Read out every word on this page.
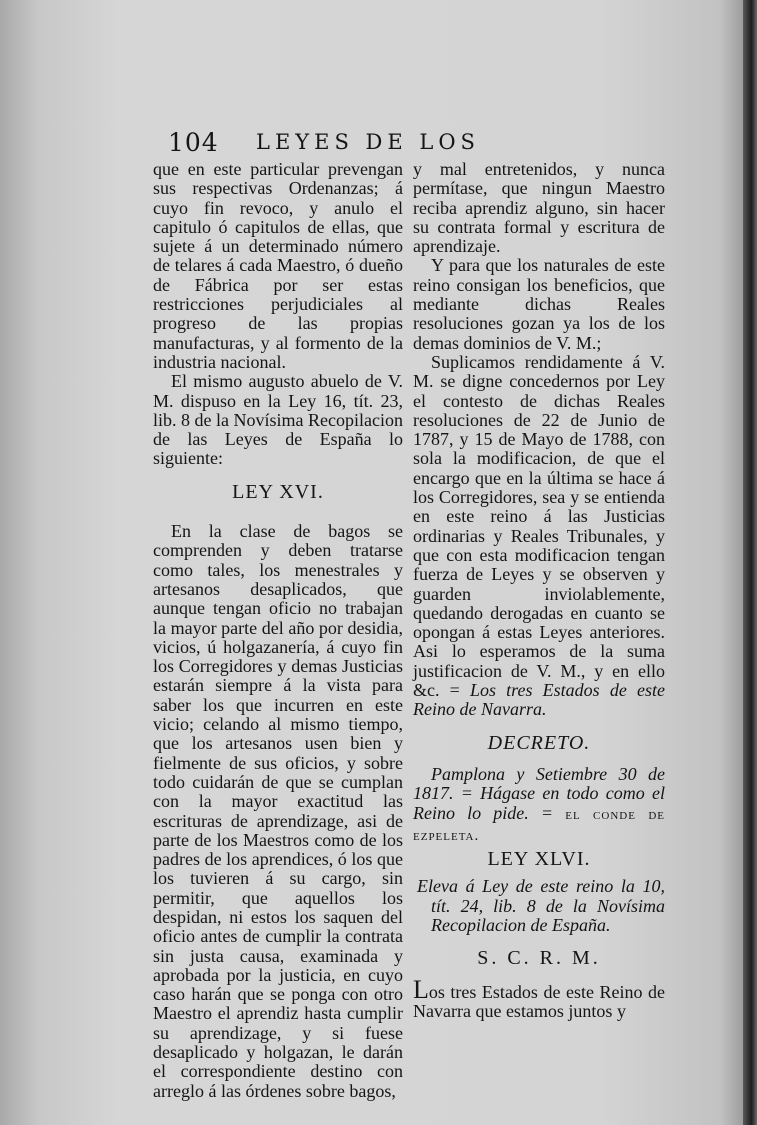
104 LEYES DE LOS

que en este particular prevengan sus respectivas Ordenanzas; á cuyo fin revoco, y anulo el capitulo ó capitulos de ellas, que sujete á un determinado número de telares á cada Maestro, ó dueño de Fábrica por ser estas restricciones perjudiciales al progreso de las propias manufacturas, y al formento de la industria nacional.

El mismo augusto abuelo de V. M. dispuso en la Ley 16, tít. 23, lib. 8 de la Novísima Recopilacion de las Leyes de España lo siguiente:

LEY XVI.

En la clase de bagos se comprenden y deben tratarse como tales, los menestrales y artesanos desaplicados, que aunque tengan oficio no trabajan la mayor parte del año por desidia, vicios, ú holgazanería, á cuyo fin los Corregidores y demas Justicias estarán siempre á la vista para saber los que incurren en este vicio; celando al mismo tiempo, que los artesanos usen bien y fielmente de sus oficios, y sobre todo cuidarán de que se cumplan con la mayor exactitud las escrituras de aprendizage, asi de parte de los Maestros como de los padres de los aprendices, ó los que los tuvieren á su cargo, sin permitir, que aquellos los despidan, ni estos los saquen del oficio antes de cumplir la contrata sin justa causa, examinada y aprobada por la justicia, en cuyo caso harán que se ponga con otro Maestro el aprendiz hasta cumplir su aprendizage, y si fuese desaplicado y holgazan, le darán el correspondiente destino con arreglo á las órdenes sobre bagos,

y mal entretenidos, y nunca permítase, que ningun Maestro reciba aprendiz alguno, sin hacer su contrata formal y escritura de aprendizaje.

Y para que los naturales de este reino consigan los beneficios, que mediante dichas Reales resoluciones gozan ya los de los demas dominios de V. M.;

Suplicamos rendidamente á V. M. se digne concedernos por Ley el contesto de dichas Reales resoluciones de 22 de Junio de 1787, y 15 de Mayo de 1788, con sola la modificacion, de que el encargo que en la última se hace á los Corregidores, sea y se entienda en este reino á las Justicias ordinarias y Reales Tribunales, y que con esta modificacion tengan fuerza de Leyes y se observen y guarden inviolablemente, quedando derogadas en cuanto se opongan á estas Leyes anteriores. Asi lo esperamos de la suma justificacion de V. M., y en ello &c. = Los tres Estados de este Reino de Navarra.

DECRETO.

Pamplona y Setiembre 30 de 1817. = Hágase en todo como el Reino lo pide. = el conde de ezpeleta.

LEY XLVI.

Eleva á Ley de este reino la 10, tít. 24, lib. 8 de la Novísima Recopilacion de España.

S. C. R. M.

Los tres Estados de este Reino de Navarra que estamos juntos y
